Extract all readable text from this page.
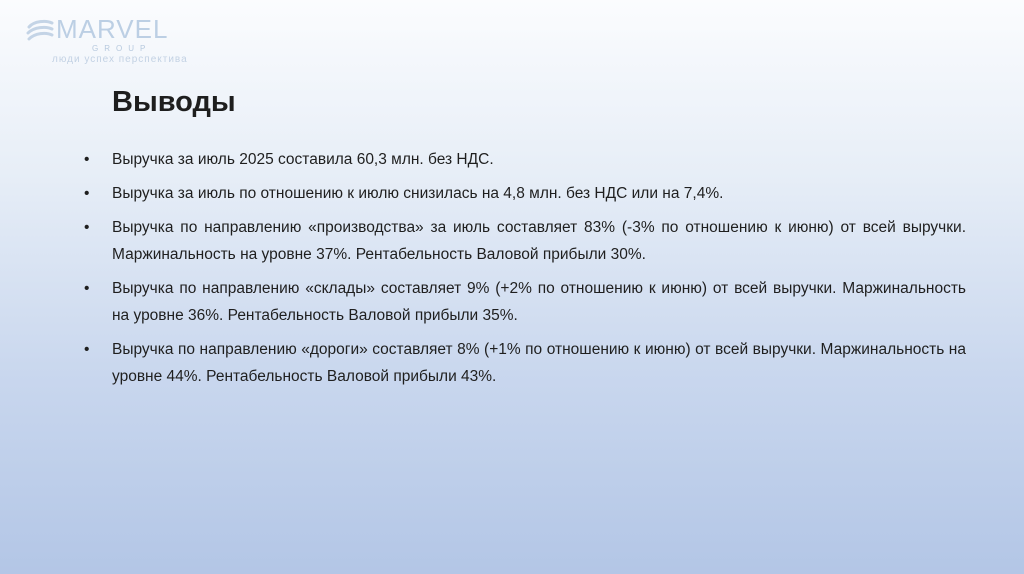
MARVEL
GROUP
люди успех перспектива
Выводы
•	Выручка за июль 2025 составила 60,3 млн. без НДС.
•	Выручка за июль по отношению к июлю снизилась на 4,8 млн. без НДС или на 7,4%.
•	Выручка по направлению «производства» за июль составляет 83% (-3% по отношению к июню) от всей выручки. Маржинальность на уровне 37%. Рентабельность Валовой прибыли 30%.
•	Выручка по направлению «склады» составляет 9% (+2% по отношению к июню) от всей выручки. Маржинальность на уровне 36%. Рентабельность Валовой прибыли 35%.
•	Выручка по направлению «дороги» составляет 8% (+1% по отношению к июню) от всей выручки. Маржинальность на уровне 44%. Рентабельность Валовой прибыли 43%.
